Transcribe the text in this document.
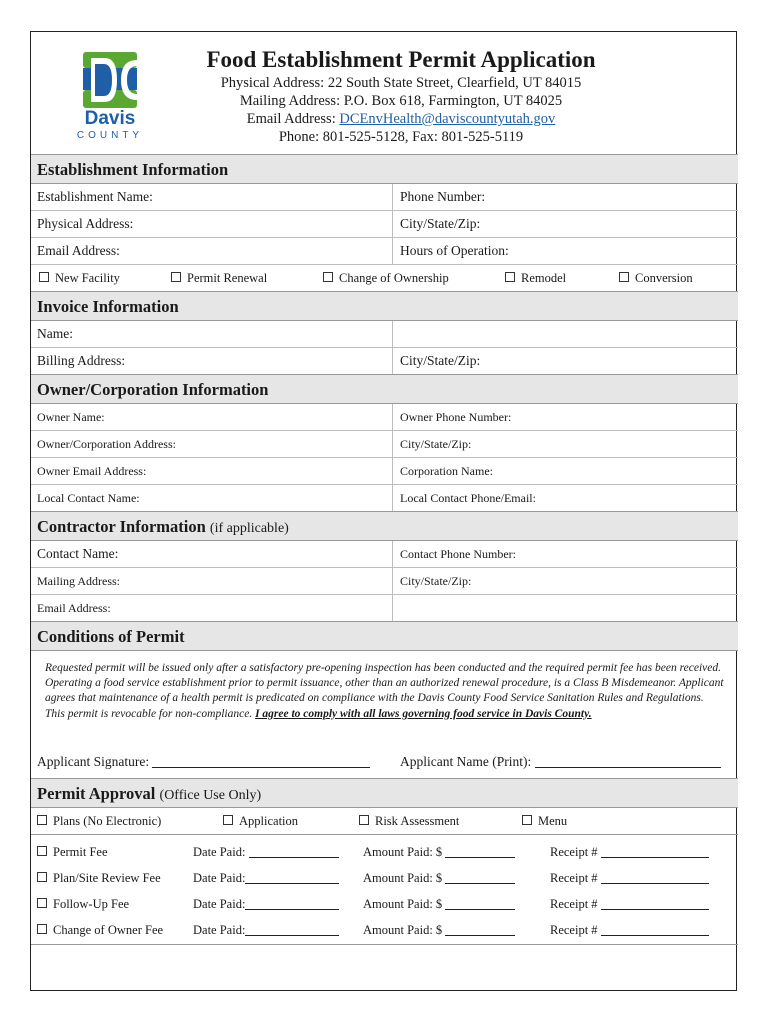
Davis
COUNTY
Food Establishment Permit Application
Physical Address: 22 South State Street, Clearfield, UT 84015
Mailing Address: P.O. Box 618, Farmington, UT 84025
Email Address: DCEnvHealth@daviscountyutah.gov
Phone: 801-525-5128, Fax: 801-525-5119
Establishment Information
Establishment Name:	Phone Number:
Physical Address:	City/State/Zip:
Email Address:	Hours of Operation:
New Facility	Permit Renewal	Change of Ownership	Remodel	Conversion
Invoice Information
Name:
Billing Address:	City/State/Zip:
Owner/Corporation Information
Owner Name:	Owner Phone Number:
Owner/Corporation Address:	City/State/Zip:
Owner Email Address:	Corporation Name:
Local Contact Name:	Local Contact Phone/Email:
Contractor Information (if applicable)
Contact Name:	Contact Phone Number:
Mailing Address:	City/State/Zip:
Email Address:
Conditions of Permit
Requested permit will be issued only after a satisfactory pre-opening inspection has been conducted and the required permit fee has been received. Operating a food service establishment prior to permit issuance, other than an authorized renewal procedure, is a Class B Misdemeanor. Applicant agrees that maintenance of a health permit is predicated on compliance with the Davis County Food Service Sanitation Rules and Regulations. This permit is revocable for non-compliance. I agree to comply with all laws governing food service in Davis County.
Applicant Signature:	Applicant Name (Print):
Permit Approval (Office Use Only)
Plans (No Electronic)	Application	Risk Assessment	Menu
Permit Fee	Date Paid:	Amount Paid: $	Receipt #
Plan/Site Review Fee	Date Paid:	Amount Paid: $	Receipt #
Follow-Up Fee	Date Paid:	Amount Paid: $	Receipt #
Change of Owner Fee Date Paid:	Amount Paid: $	Receipt #
